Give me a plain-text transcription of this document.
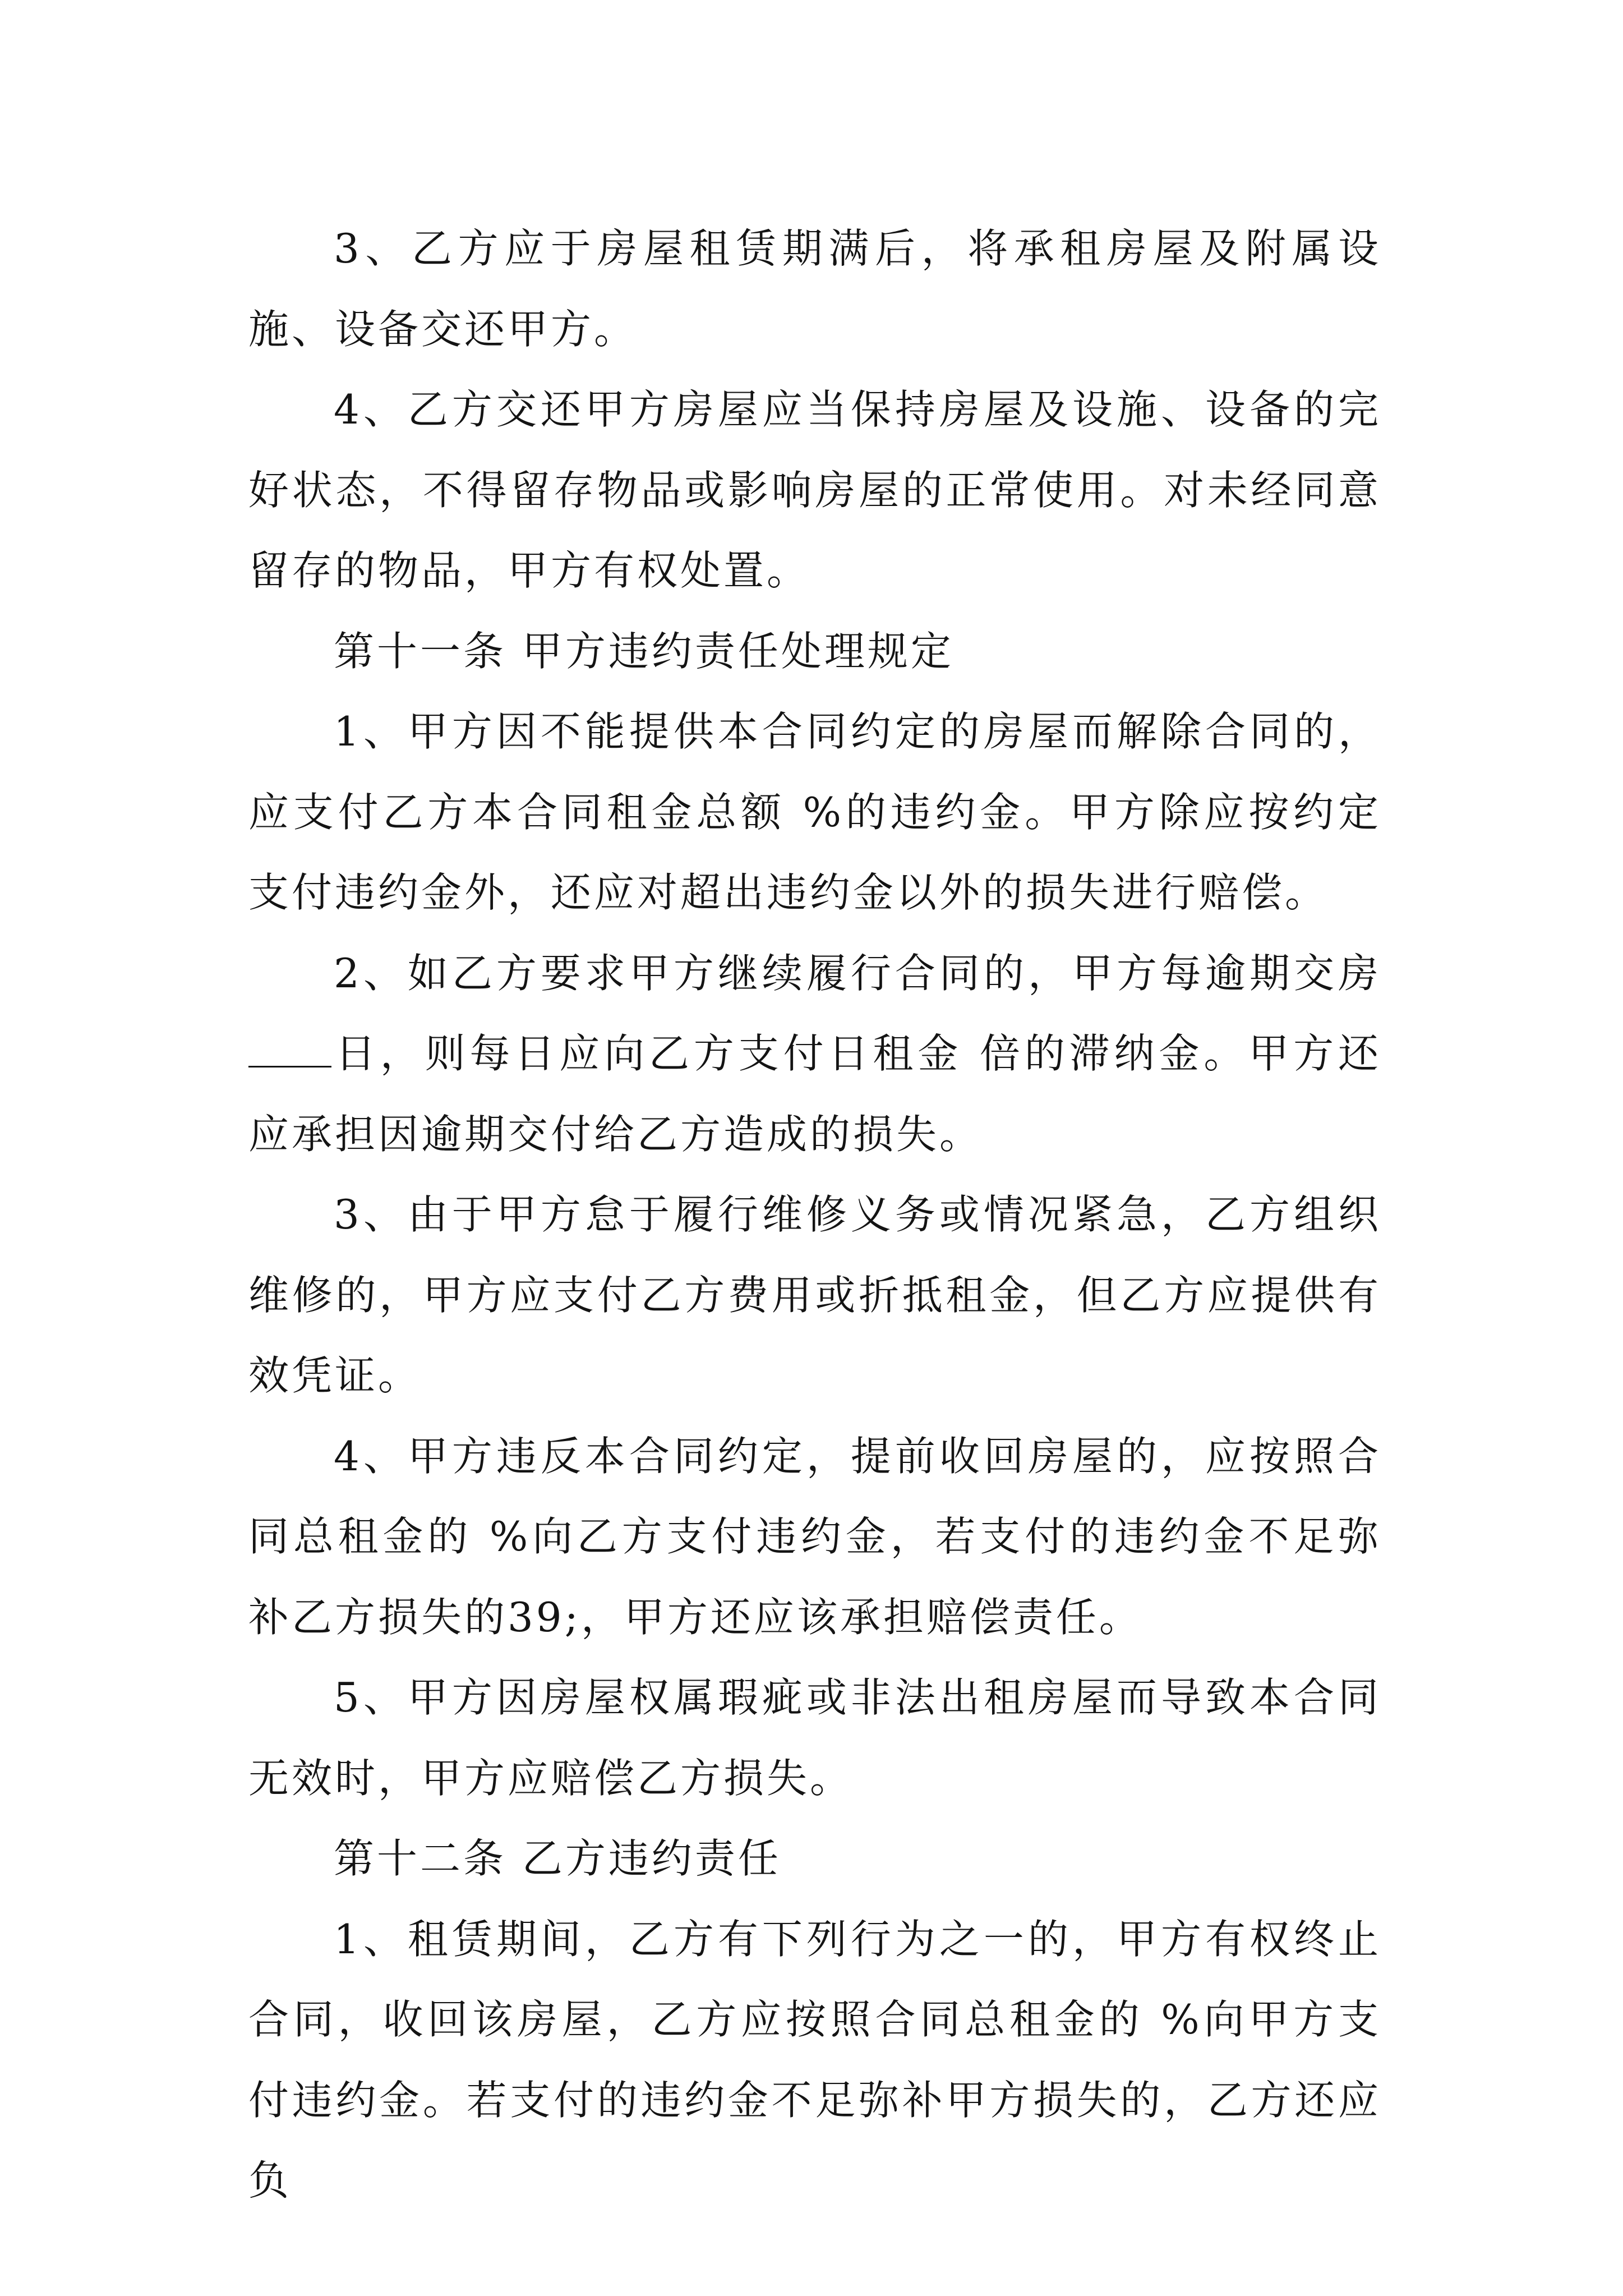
3、乙方应于房屋租赁期满后，将承租房屋及附属设施、设备交还甲方。

4、乙方交还甲方房屋应当保持房屋及设施、设备的完好状态，不得留存物品或影响房屋的正常使用。对未经同意留存的物品，甲方有权处置。

第十一条 甲方违约责任处理规定

1、甲方因不能提供本合同约定的房屋而解除合同的，应支付乙方本合同租金总额 %的违约金。甲方除应按约定支付违约金外，还应对超出违约金以外的损失进行赔偿。

2、如乙方要求甲方继续履行合同的，甲方每逾期交房日，则每日应向乙方支付日租金 倍的滞纳金。甲方还应承担因逾期交付给乙方造成的损失。

3、由于甲方怠于履行维修义务或情况紧急，乙方组织维修的，甲方应支付乙方费用或折抵租金，但乙方应提供有效凭证。

4、甲方违反本合同约定，提前收回房屋的，应按照合同总租金的 %向乙方支付违约金，若支付的违约金不足弥补乙方损失的39;，甲方还应该承担赔偿责任。

5、甲方因房屋权属瑕疵或非法出租房屋而导致本合同无效时，甲方应赔偿乙方损失。

第十二条 乙方违约责任

1、租赁期间，乙方有下列行为之一的，甲方有权终止合同，收回该房屋，乙方应按照合同总租金的 %向甲方支付违约金。若支付的违约金不足弥补甲方损失的，乙方还应负
